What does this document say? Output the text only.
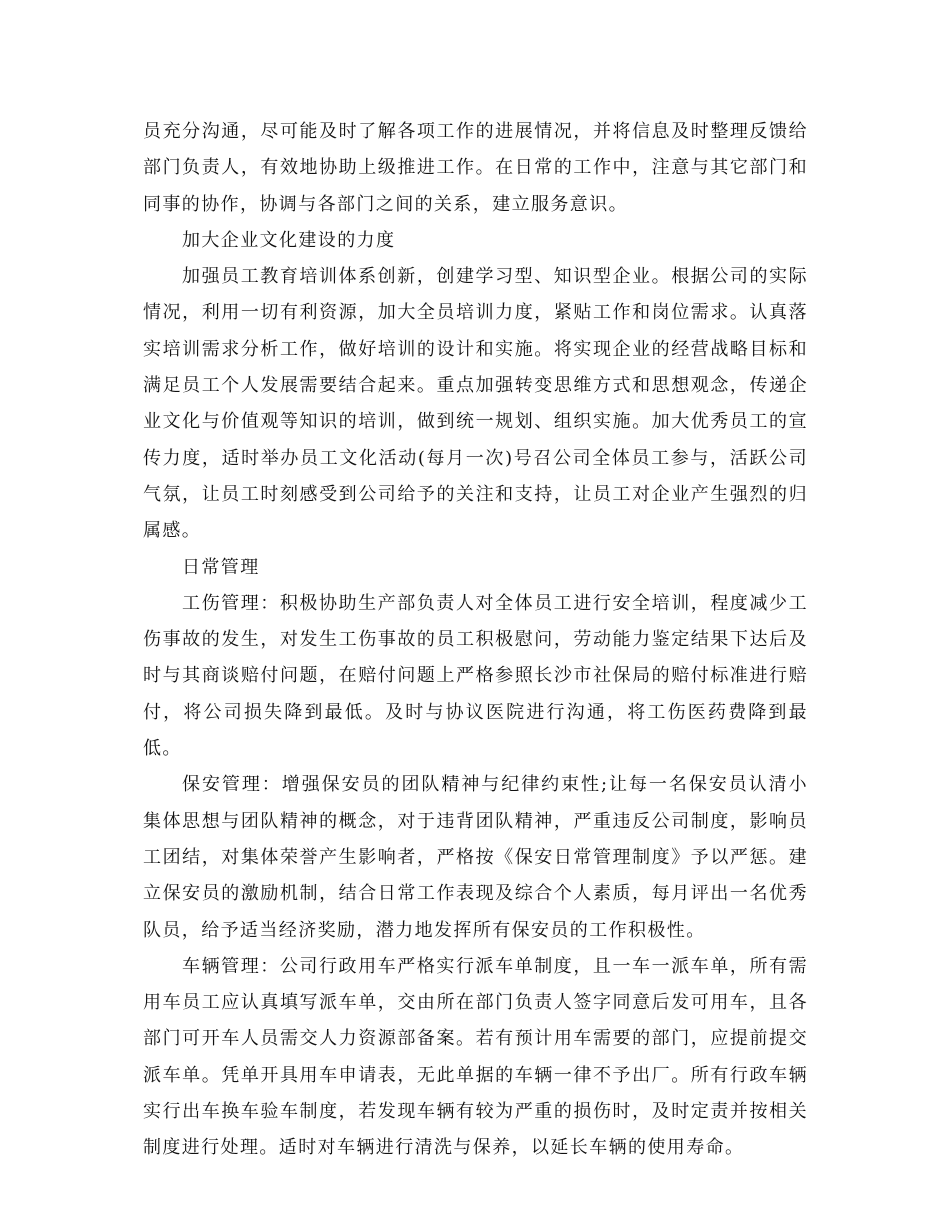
员充分沟通，尽可能及时了解各项工作的进展情况，并将信息及时整理反馈给部门负责人，有效地协助上级推进工作。在日常的工作中，注意与其它部门和同事的协作，协调与各部门之间的关系，建立服务意识。

加大企业文化建设的力度

加强员工教育培训体系创新，创建学习型、知识型企业。根据公司的实际情况，利用一切有利资源，加大全员培训力度，紧贴工作和岗位需求。认真落实培训需求分析工作，做好培训的设计和实施。将实现企业的经营战略目标和满足员工个人发展需要结合起来。重点加强转变思维方式和思想观念，传递企业文化与价值观等知识的培训，做到统一规划、组织实施。加大优秀员工的宣传力度，适时举办员工文化活动(每月一次)号召公司全体员工参与，活跃公司气氛，让员工时刻感受到公司给予的关注和支持，让员工对企业产生强烈的归属感。

日常管理

工伤管理：积极协助生产部负责人对全体员工进行安全培训，程度减少工伤事故的发生，对发生工伤事故的员工积极慰问，劳动能力鉴定结果下达后及时与其商谈赔付问题，在赔付问题上严格参照长沙市社保局的赔付标准进行赔付，将公司损失降到最低。及时与协议医院进行沟通，将工伤医药费降到最低。

保安管理：增强保安员的团队精神与纪律约束性;让每一名保安员认清小集体思想与团队精神的概念，对于违背团队精神，严重违反公司制度，影响员工团结，对集体荣誉产生影响者，严格按《保安日常管理制度》予以严惩。建立保安员的激励机制，结合日常工作表现及综合个人素质，每月评出一名优秀队员，给予适当经济奖励，潜力地发挥所有保安员的工作积极性。

车辆管理：公司行政用车严格实行派车单制度，且一车一派车单，所有需用车员工应认真填写派车单，交由所在部门负责人签字同意后发可用车，且各部门可开车人员需交人力资源部备案。若有预计用车需要的部门，应提前提交派车单。凭单开具用车申请表，无此单据的车辆一律不予出厂。所有行政车辆实行出车换车验车制度，若发现车辆有较为严重的损伤时，及时定责并按相关制度进行处理。适时对车辆进行清洗与保养，以延长车辆的使用寿命。
